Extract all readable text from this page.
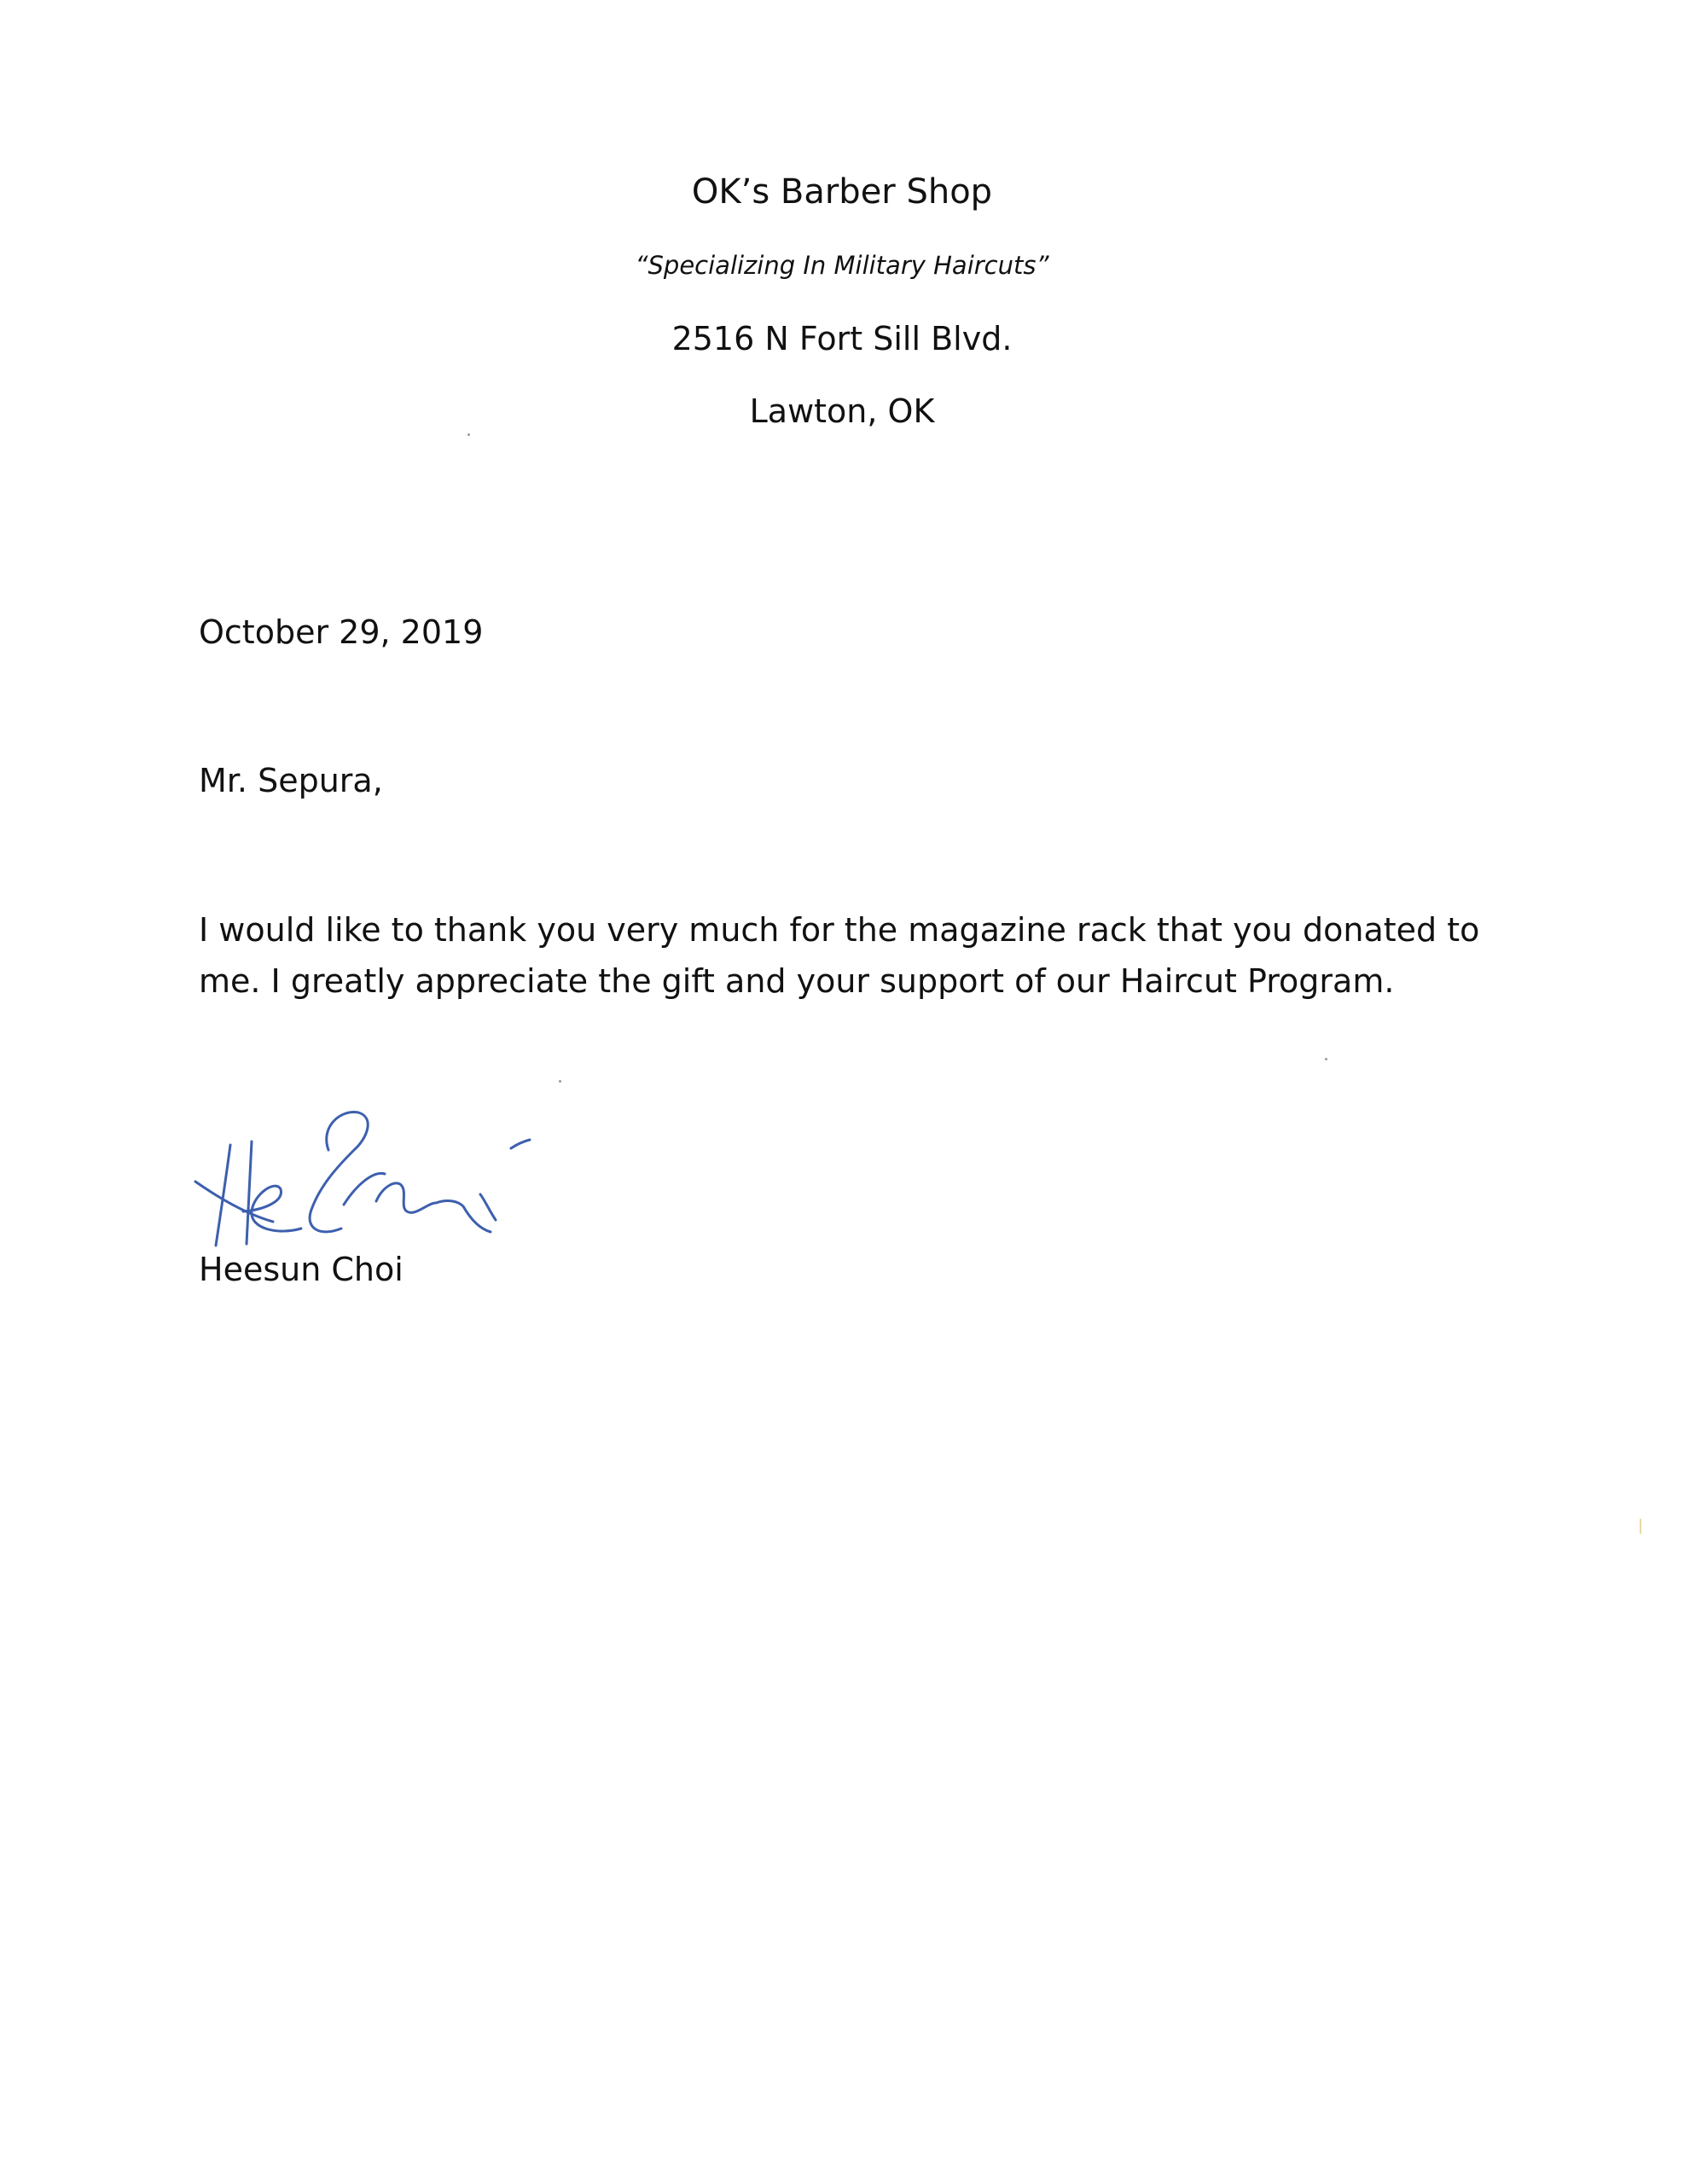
OK’s Barber Shop
“Specializing In Military Haircuts”
2516 N Fort Sill Blvd.
Lawton, OK
October 29, 2019
Mr. Sepura,
I would like to thank you very much for the magazine rack that you donated to me. I greatly appreciate the gift and your support of our Haircut Program.
Heesun Choi
